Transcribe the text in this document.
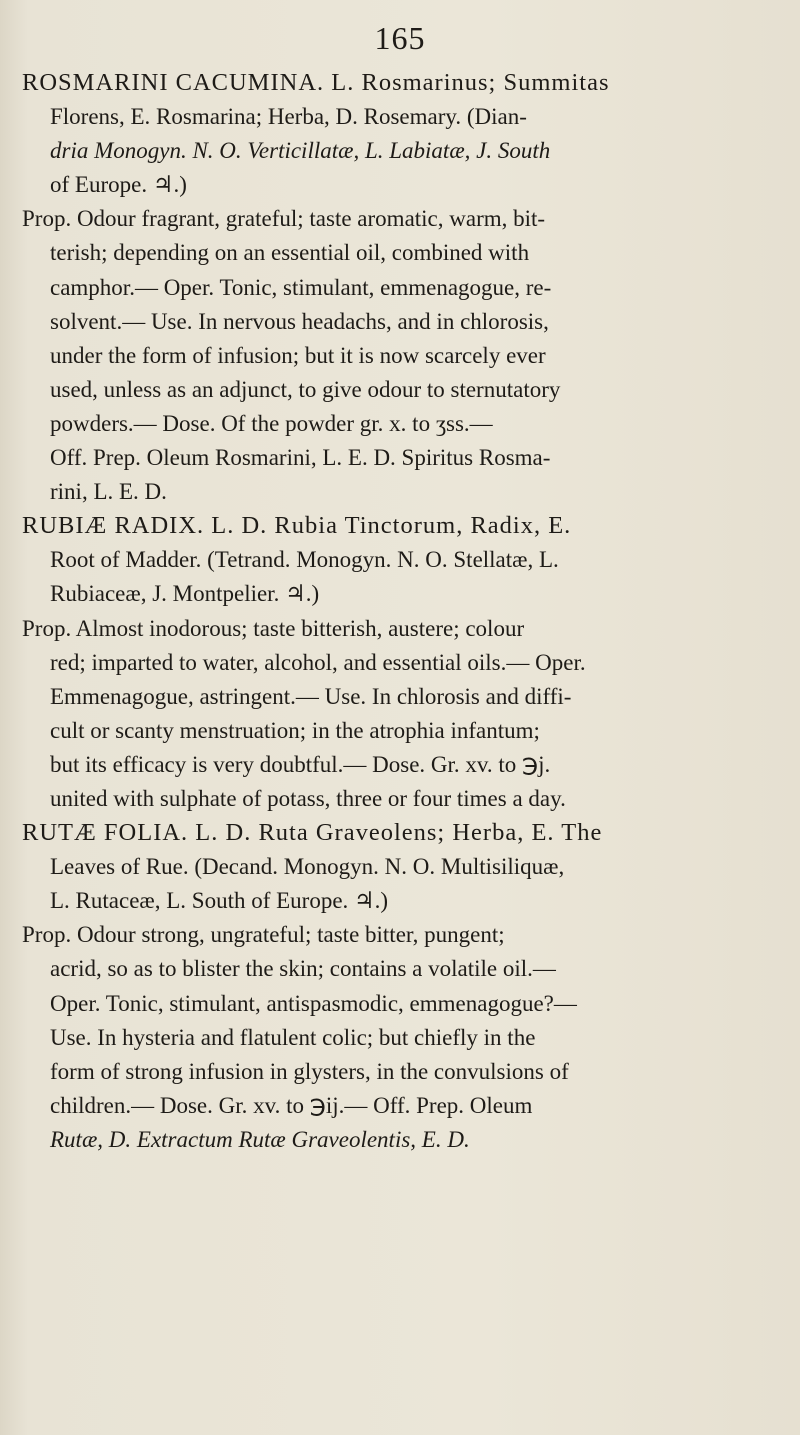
165
ROSMARINI CACUMINA. L. Rosmarinus; Summitas
Florens, E. Rosmarina; Herba, D. Rosemary. (Dian-
dria Monogyn. N. O. Verticillatæ, L. Labiatæ, J. South
of Europe. ♃.)
Prop. Odour fragrant, grateful; taste aromatic, warm, bit-
terish; depending on an essential oil, combined with
camphor.— Oper. Tonic, stimulant, emmenagogue, re-
solvent.— Use. In nervous headachs, and in chlorosis,
under the form of infusion; but it is now scarcely ever
used, unless as an adjunct, to give odour to sternutatory
powders.— Dose. Of the powder gr. x. to ʒss.—
Off. Prep. Oleum Rosmarini, L. E. D. Spiritus Rosma-
rini, L. E. D.
RUBIÆ RADIX. L. D. Rubia Tinctorum, Radix, E.
Root of Madder. (Tetrand. Monogyn. N. O. Stellatæ, L.
Rubiaceæ, J. Montpelier. ♃.)
Prop. Almost inodorous; taste bitterish, austere; colour
red; imparted to water, alcohol, and essential oils.— Oper.
Emmenagogue, astringent.— Use. In chlorosis and diffi-
cult or scanty menstruation; in the atrophia infantum;
but its efficacy is very doubtful.— Dose. Gr. xv. to ℈j.
united with sulphate of potass, three or four times a day.
RUTÆ FOLIA. L. D. Ruta Graveolens; Herba, E. The
Leaves of Rue. (Decand. Monogyn. N. O. Multisiliquæ,
L. Rutaceæ, L. South of Europe. ♃.)
Prop. Odour strong, ungrateful; taste bitter, pungent;
acrid, so as to blister the skin; contains a volatile oil.—
Oper. Tonic, stimulant, antispasmodic, emmenagogue?—
Use. In hysteria and flatulent colic; but chiefly in the
form of strong infusion in glysters, in the convulsions of
children.— Dose. Gr. xv. to ℈ij.— Off. Prep. Oleum
Rutæ, D. Extractum Rutæ Graveolentis, E. D.
